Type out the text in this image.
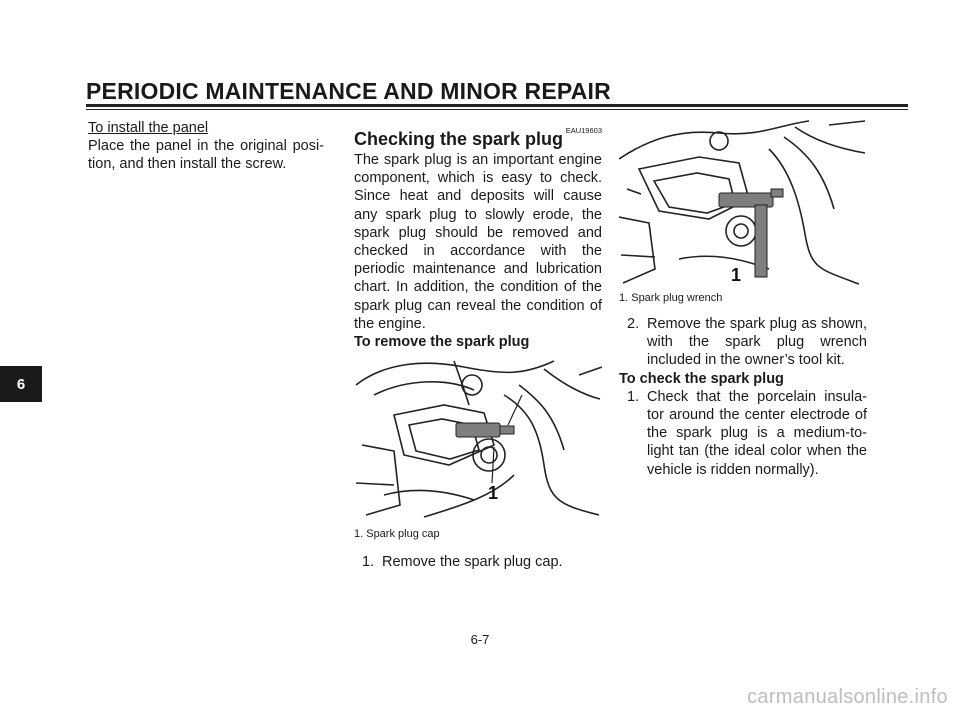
PERIODIC MAINTENANCE AND MINOR REPAIR
6
To install the panel
Place the panel in the original posi-tion, and then install the screw.
EAU19603
Checking the spark plug
The spark plug is an important engine component, which is easy to check. Since heat and deposits will cause any spark plug to slowly erode, the spark plug should be removed and checked in accordance with the periodic maintenance and lubrication chart. In addition, the condition of the spark plug can reveal the condition of the engine.
To remove the spark plug
1
1. Spark plug cap
1. Remove the spark plug cap.
1
1. Spark plug wrench
2. Remove the spark plug as shown, with the spark plug wrench included in the owner’s tool kit.
To check the spark plug
1. Check that the porcelain insula-tor around the center electrode of the spark plug is a medium-to-light tan (the ideal color when the vehicle is ridden normally).
6-7
carmanualsonline.info
